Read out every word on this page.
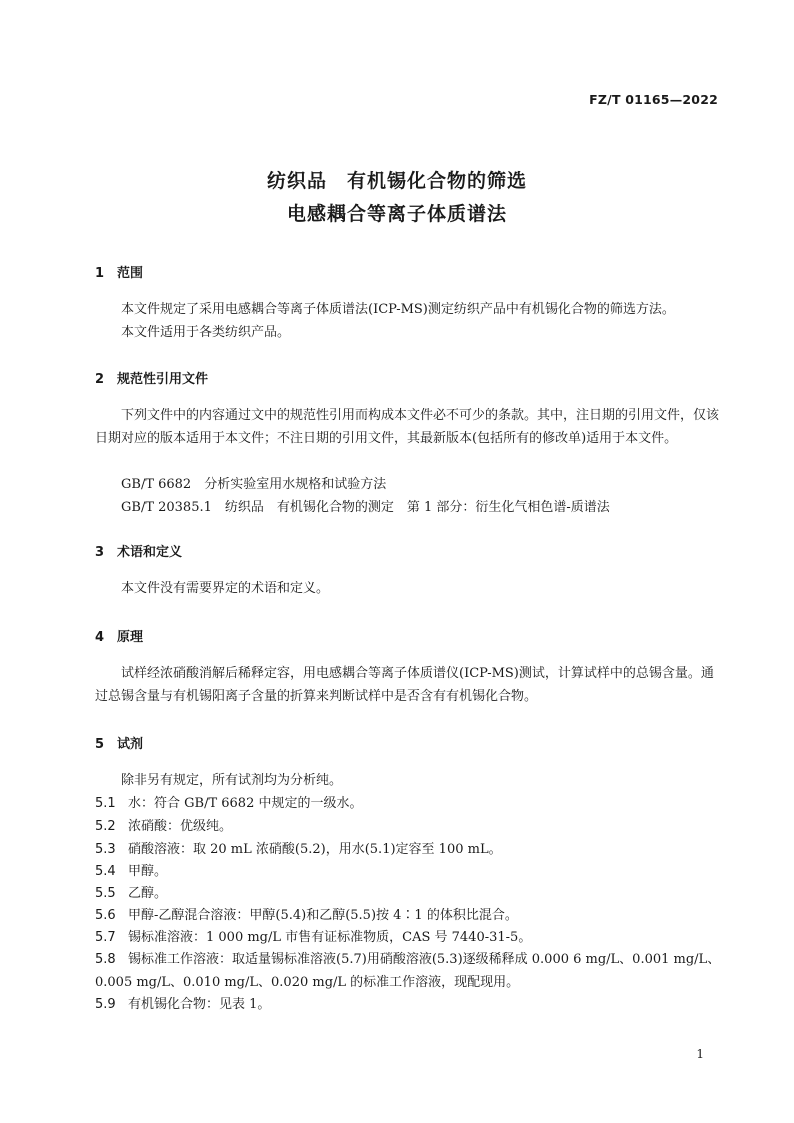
FZ/T 01165—2022
纺织品　有机锡化合物的筛选
电感耦合等离子体质谱法
1 范围

本文件规定了采用电感耦合等离子体质谱法(ICP-MS)测定纺织产品中有机锡化合物的筛选方法。

本文件适用于各类纺织产品。

2 规范性引用文件

下列文件中的内容通过文中的规范性引用而构成本文件必不可少的条款。其中，注日期的引用文件，仅该日期对应的版本适用于本文件；不注日期的引用文件，其最新版本(包括所有的修改单)适用于本文件。

GB/T 6682　分析实验室用水规格和试验方法
GB/T 20385.1　纺织品　有机锡化合物的测定　第 1 部分：衍生化气相色谱-质谱法
3 术语和定义

本文件没有需要界定的术语和定义。

4 原理

试样经浓硝酸消解后稀释定容，用电感耦合等离子体质谱仪(ICP-MS)测试，计算试样中的总锡含量。通过总锡含量与有机锡阳离子含量的折算来判断试样中是否含有有机锡化合物。

5 试剂

除非另有规定，所有试剂均为分析纯。

5.1 水：符合 GB/T 6682 中规定的一级水。
5.2 浓硝酸：优级纯。
5.3 硝酸溶液：取 20 mL 浓硝酸(5.2)，用水(5.1)定容至 100 mL。
5.4 甲醇。
5.5 乙醇。
5.6 甲醇-乙醇混合溶液：甲醇(5.4)和乙醇(5.5)按 4∶1 的体积比混合。
5.7 锡标准溶液：1 000 mg/L 市售有证标准物质，CAS 号 7440-31-5。
5.8 锡标准工作溶液：取适量锡标准溶液(5.7)用硝酸溶液(5.3)逐级稀释成 0.000 6 mg/L、0.001 mg/L、0.005 mg/L、0.010 mg/L、0.020 mg/L 的标准工作溶液，现配现用。
5.9 有机锡化合物：见表 1。
1
